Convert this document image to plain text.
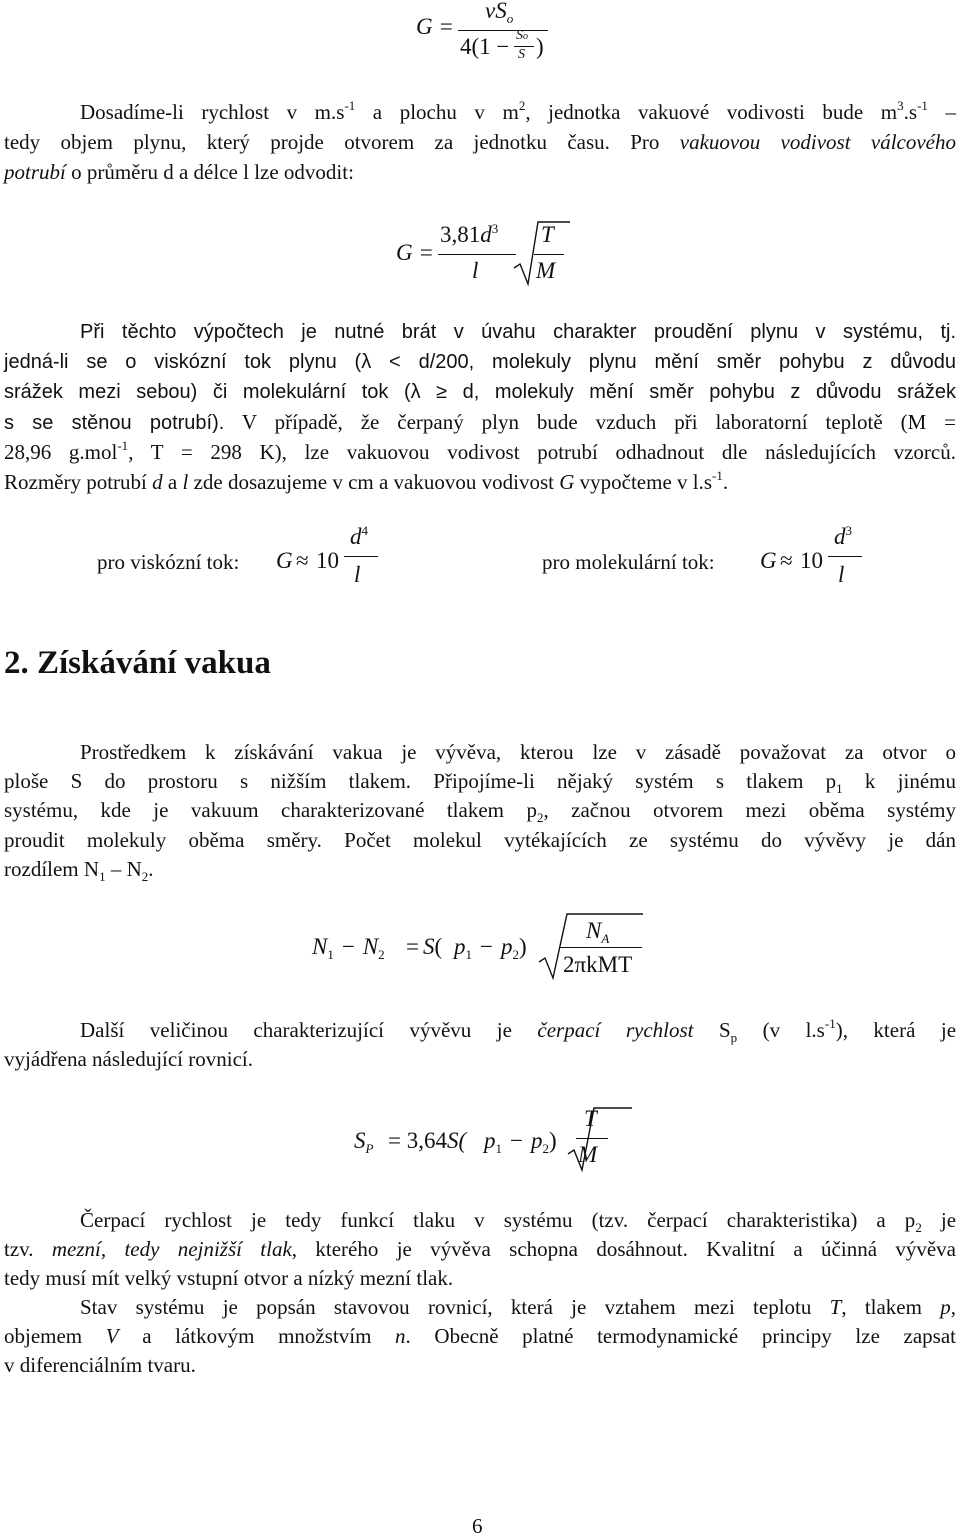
G =
$vS_o$
4(1 − So
S )
Dosadíme-li rychlost v $m.s^{-1}$ a plochu v $m^2$, jednotka vakuové vodivosti bude $m^3.s^{-1}$ –
tedy objem plynu, který projde otvorem za jednotku času. Pro vakuovou vodivost válcového
potrubí o průměru d a délce l lze odvodit:
G =
$3,81d^3$
l
T
M
Při těchto výpočtech je nutné brát v úvahu charakter proudění plynu v systému, tj.
jedná-li se o viskózní tok plynu (λ < d/200, molekuly plynu mění směr pohybu z důvodu
srážek mezi sebou) či molekulární tok (λ ≥ d, molekuly mění směr pohybu z důvodu srážek
s se stěnou potrubí). V případě, že čerpaný plyn bude vzduch při laboratorní teplotě (M =
28,96 g.mol$^{-1}$, T = 298 K), lze vakuovou vodivost potrubí odhadnout dle následujících vzorců.
Rozměry potrubí d a l zde dosazujeme v cm a vakuovou vodivost G vypočteme v $l.s^{-1}$.
pro viskózní tok: G ≈ 10
$d^4$
l	pro molekulární tok: G ≈ 10
$d^3$
l
2. Získávání vakua
Prostředkem k získávání vakua je vývěva, kterou lze v zásadě považovat za otvor o
ploše S do prostoru s nižším tlakem. Připojíme-li nějaký systém s tlakem $p_1$ k jinému
systému, kde je vakuum charakterizované tlakem $p_2$, začnou otvorem mezi oběma systémy
proudit molekuly oběma směry. Počet molekul vytékajících ze systému do vývěvy je dán
rozdílem $N_1 - N_2$.
$N_1 - N_2 = S$( $p_1 - p_2$)
$N_A$
2πkMT
Další veličinou charakterizující vývěvu je čerpací rychlost $S_p$ (v $l.s^{-1}$), která je
vyjádřena následující rovnicí.
$S_P = 3,64S$( $p_1 - p_2$)
T
M
Čerpací rychlost je tedy funkcí tlaku v systému (tzv. čerpací charakteristika) a $p_2$ je
tzv. mezní, tedy nejnižší tlak, kterého je vývěva schopna dosáhnout. Kvalitní a účinná vývěva
tedy musí mít velký vstupní otvor a nízký mezní tlak.
Stav systému je popsán stavovou rovnicí, která je vztahem mezi teplotu T, tlakem p,
objemem V a látkovým množstvím n. Obecně platné termodynamické principy lze zapsat
v diferenciálním tvaru.
6
